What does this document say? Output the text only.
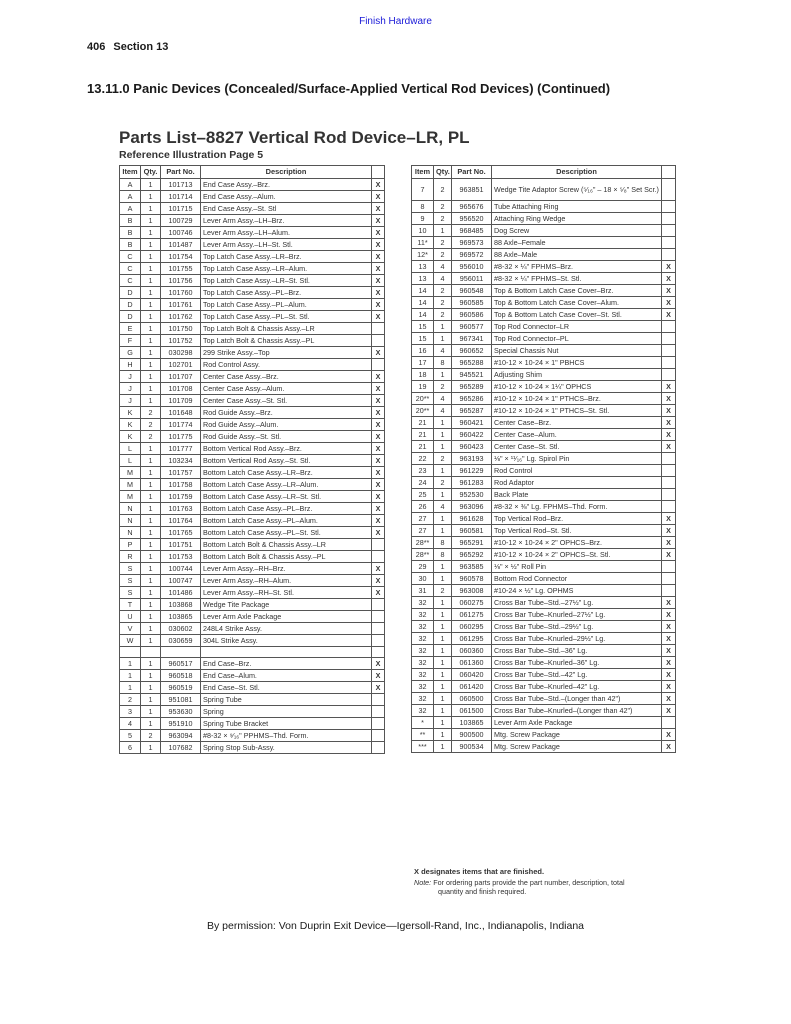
Finish Hardware
406 Section 13
13.11.0 Panic Devices (Concealed/Surface-Applied Vertical Rod Devices) (Continued)
Parts List–8827 Vertical Rod Device–LR, PL
Reference Illustration Page 5
Item	Qty.	Part No.	Description	
A	1	101713	End Case Assy.–Brz.	X
A	1	101714	End Case Assy.–Alum.	X
A	1	101715	End Case Assy.–St. Stl	X
B	1	100729	Lever Arm Assy.–LH–Brz.	X
B	1	100746	Lever Arm Assy.–LH–Alum.	X
B	1	101487	Lever Arm Assy.–LH–St. Stl.	X
C	1	101754	Top Latch Case Assy.–LR–Brz.	X
C	1	101755	Top Latch Case Assy.–LR–Alum.	X
C	1	101756	Top Latch Case Assy.–LR–St. Stl.	X
D	1	101760	Top Latch Case Assy.–PL–Brz.	X
D	1	101761	Top Latch Case Assy.–PL–Alum.	X
D	1	101762	Top Latch Case Assy.–PL–St. Stl.	X
E	1	101750	Top Latch Bolt & Chassis Assy.–LR	
F	1	101752	Top Latch Bolt & Chassis Assy.–PL	
G	1	030298	299 Strike Assy.–Top	X
H	1	102701	Rod Control Assy.	
J	1	101707	Center Case Assy.–Brz.	X
J	1	101708	Center Case Assy.–Alum.	X
J	1	101709	Center Case Assy.–St. Stl.	X
K	2	101648	Rod Guide Assy.–Brz.	X
K	2	101774	Rod Guide Assy.–Alum.	X
K	2	101775	Rod Guide Assy.–St. Stl.	X
L	1	101777	Bottom Vertical Rod Assy.–Brz.	X
L	1	103234	Bottom Vertical Rod Assy.–St. Stl.	X
M	1	101757	Bottom Latch Case Assy.–LR–Brz.	X
M	1	101758	Bottom Latch Case Assy.–LR–Alum.	X
M	1	101759	Bottom Latch Case Assy.–LR–St. Stl.	X
N	1	101763	Bottom Latch Case Assy.–PL–Brz.	X
N	1	101764	Bottom Latch Case Assy.–PL–Alum.	X
N	1	101765	Bottom Latch Case Assy.–PL–St. Stl.	X
P	1	101751	Bottom Latch Bolt & Chassis Assy.–LR	
R	1	101753	Bottom Latch Bolt & Chassis Assy.–PL	
S	1	100744	Lever Arm Assy.–RH–Brz.	X
S	1	100747	Lever Arm Assy.–RH–Alum.	X
S	1	101486	Lever Arm Assy.–RH–St. Stl.	X
T	1	103868	Wedge Tite Package	
U	1	103865	Lever Arm Axle Package	
V	1	030602	248L4 Strike Assy.	
W	1	030659	304L Strike Assy.	

1	1	960517	End Case–Brz.	X
1	1	960518	End Case–Alum.	X
1	1	960519	End Case–St. Stl.	X
2	1	951081	Spring Tube	
3	1	953630	Spring	
4	1	951910	Spring Tube Bracket	
5	2	963094	#8-32 × ⁹⁄₁₆" PPHMS–Thd. Form.	
6	1	107682	Spring Stop Sub-Assy.	
Item	Qty.	Part No.	Description	
7	2	963851	Wedge Tite Adaptor Screw (⁵⁄₁₆" – 18 × ⁵⁄₈" Set Scr.)	
8	2	965676	Tube Attaching Ring	
9	2	956520	Attaching Ring Wedge	
10	1	968485	Dog Screw	
11*	2	969573	88 Axle–Female	
12*	2	969572	88 Axle–Male	
13	4	956010	#8-32 × ¼" FPHMS–Brz.	X
13	4	956011	#8-32 × ¼" FPHMS–St. Stl.	X
14	2	960548	Top & Bottom Latch Case Cover–Brz.	X
14	2	960585	Top & Bottom Latch Case Cover–Alum.	X
14	2	960586	Top & Bottom Latch Case Cover–St. Stl.	X
15	1	960577	Top Rod Connector–LR	
15	1	967341	Top Rod Connector–PL	
16	4	960652	Special Chassis Nut	
17	8	965288	#10-12 × 10-24 × 1" PBHCS	
18	1	945521	Adjusting Shim	
19	2	965289	#10-12 × 10-24 × 1¼" OPHCS	X
20**	4	965286	#10-12 × 10-24 × 1" PTHCS–Brz.	X
20**	4	965287	#10-12 × 10-24 × 1" PTHCS–St. Stl.	X
21	1	960421	Center Case–Brz.	X
21	1	960422	Center Case–Alum.	X
21	1	960423	Center Case–St. Stl.	X
22	2	963193	⅛" × ¹¹⁄₁₆" Lg. Spirol Pin	
23	1	961229	Rod Control	
24	2	961283	Rod Adaptor	
25	1	952530	Back Plate	
26	4	963096	#8-32 × ⅜" Lg. FPHMS–Thd. Form.	
27	1	961628	Top Vertical Rod–Brz.	X
27	1	960581	Top Vertical Rod–St. Stl.	X
28**	8	965291	#10-12 × 10-24 × 2" OPHCS–Brz.	X
28**	8	965292	#10-12 × 10-24 × 2" OPHCS–St. Stl.	X
29	1	963585	⅛" × ½" Roll Pin	
30	1	960578	Bottom Rod Connector	
31	2	963008	#10-24 × ½" Lg. OPHMS	
32	1	060275	Cross Bar Tube–Std.–27½" Lg.	X
32	1	061275	Cross Bar Tube–Knurled–27½" Lg.	X
32	1	060295	Cross Bar Tube–Std.–29½" Lg.	X
32	1	061295	Cross Bar Tube–Knurled–29½" Lg.	X
32	1	060360	Cross Bar Tube–Std.–36" Lg.	X
32	1	061360	Cross Bar Tube–Knurled–36" Lg.	X
32	1	060420	Cross Bar Tube–Std.–42" Lg.	X
32	1	061420	Cross Bar Tube–Knurled–42" Lg.	X
32	1	060500	Cross Bar Tube–Std.–(Longer than 42")	X
32	1	061500	Cross Bar Tube–Knurled–(Longer than 42")	X
*	1	103865	Lever Arm Axle Package	
**	1	900500	Mtg. Screw Package	X
***	1	900534	Mtg. Screw Package	X
X designates items that are finished.
Note: For ordering parts provide the part number, description, total
quantity and finish required.
By permission: Von Duprin Exit Device—Igersoll-Rand, Inc., Indianapolis, Indiana
